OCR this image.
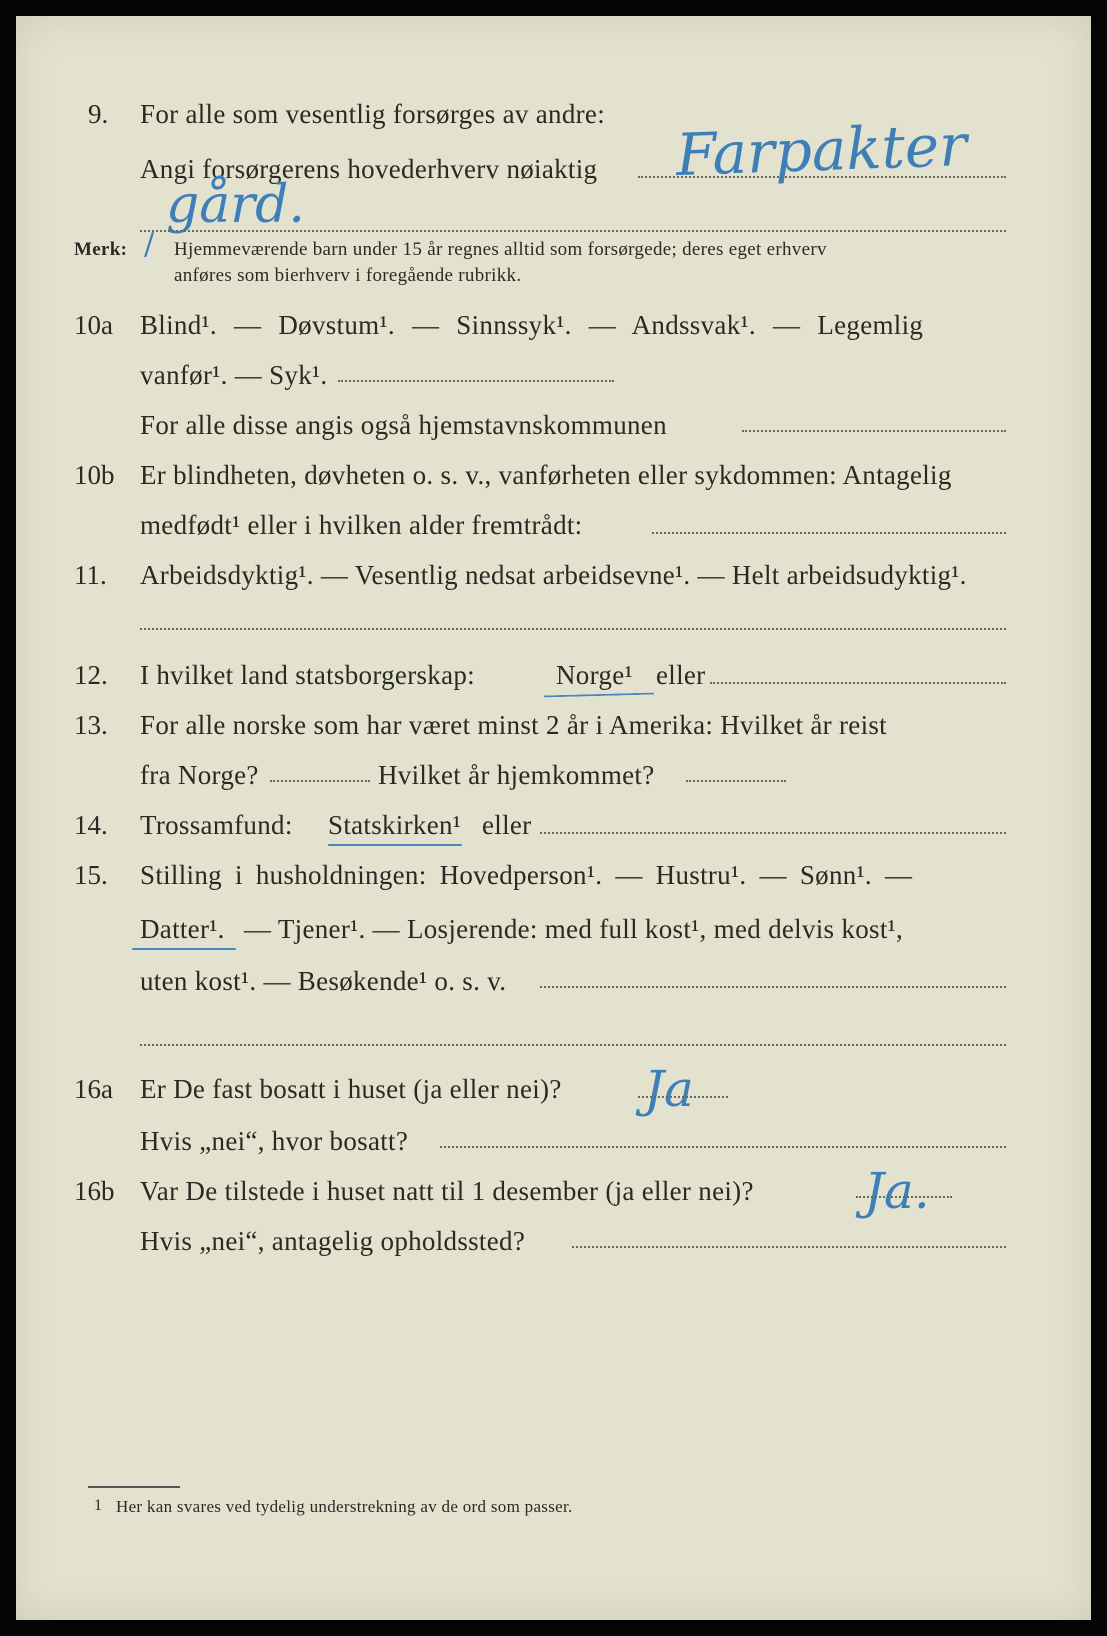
9. For alle som vesentlig forsørges av andre:
Angi forsørgerens hovederhverv nøiaktig Farpakter
gård.
Merk: / Hjemmeværende barn under 15 år regnes alltid som forsørgede; deres eget erhverv
anføres som bierhverv i foregående rubrikk.
10a Blind¹. — Døvstum¹. — Sinnssyk¹. — Andssvak¹. — Legemlig
vanfør¹. — Syk¹.
For alle disse angis også hjemstavnskommunen
10b Er blindheten, døvheten o. s. v., vanførheten eller sykdommen: Antagelig
medfødt¹ eller i hvilken alder fremtrådt:
11. Arbeidsdyktig¹. — Vesentlig nedsat arbeidsevne¹. — Helt arbeidsudyktig¹.
12. I hvilket land statsborgerskap:	Norge¹ eller
13. For alle norske som har været minst 2 år i Amerika: Hvilket år reist
fra Norge?	Hvilket år hjemkommet?
14. Trossamfund: Statskirken¹ eller
15. Stilling i husholdningen: Hovedperson¹. — Hustru¹. — Sønn¹. —
Datter¹. — Tjener¹. — Losjerende: med full kost¹, med delvis kost¹,
uten kost¹. — Besøkende¹ o. s. v.
16a Er De fast bosatt i huset (ja eller nei)? Ja
Hvis „nei“, hvor bosatt?
16b Var De tilstede i huset natt til 1 desember (ja eller nei)? Ja.
Hvis „nei“, antagelig opholdssted?
1 Her kan svares ved tydelig understrekning av de ord som passer.
